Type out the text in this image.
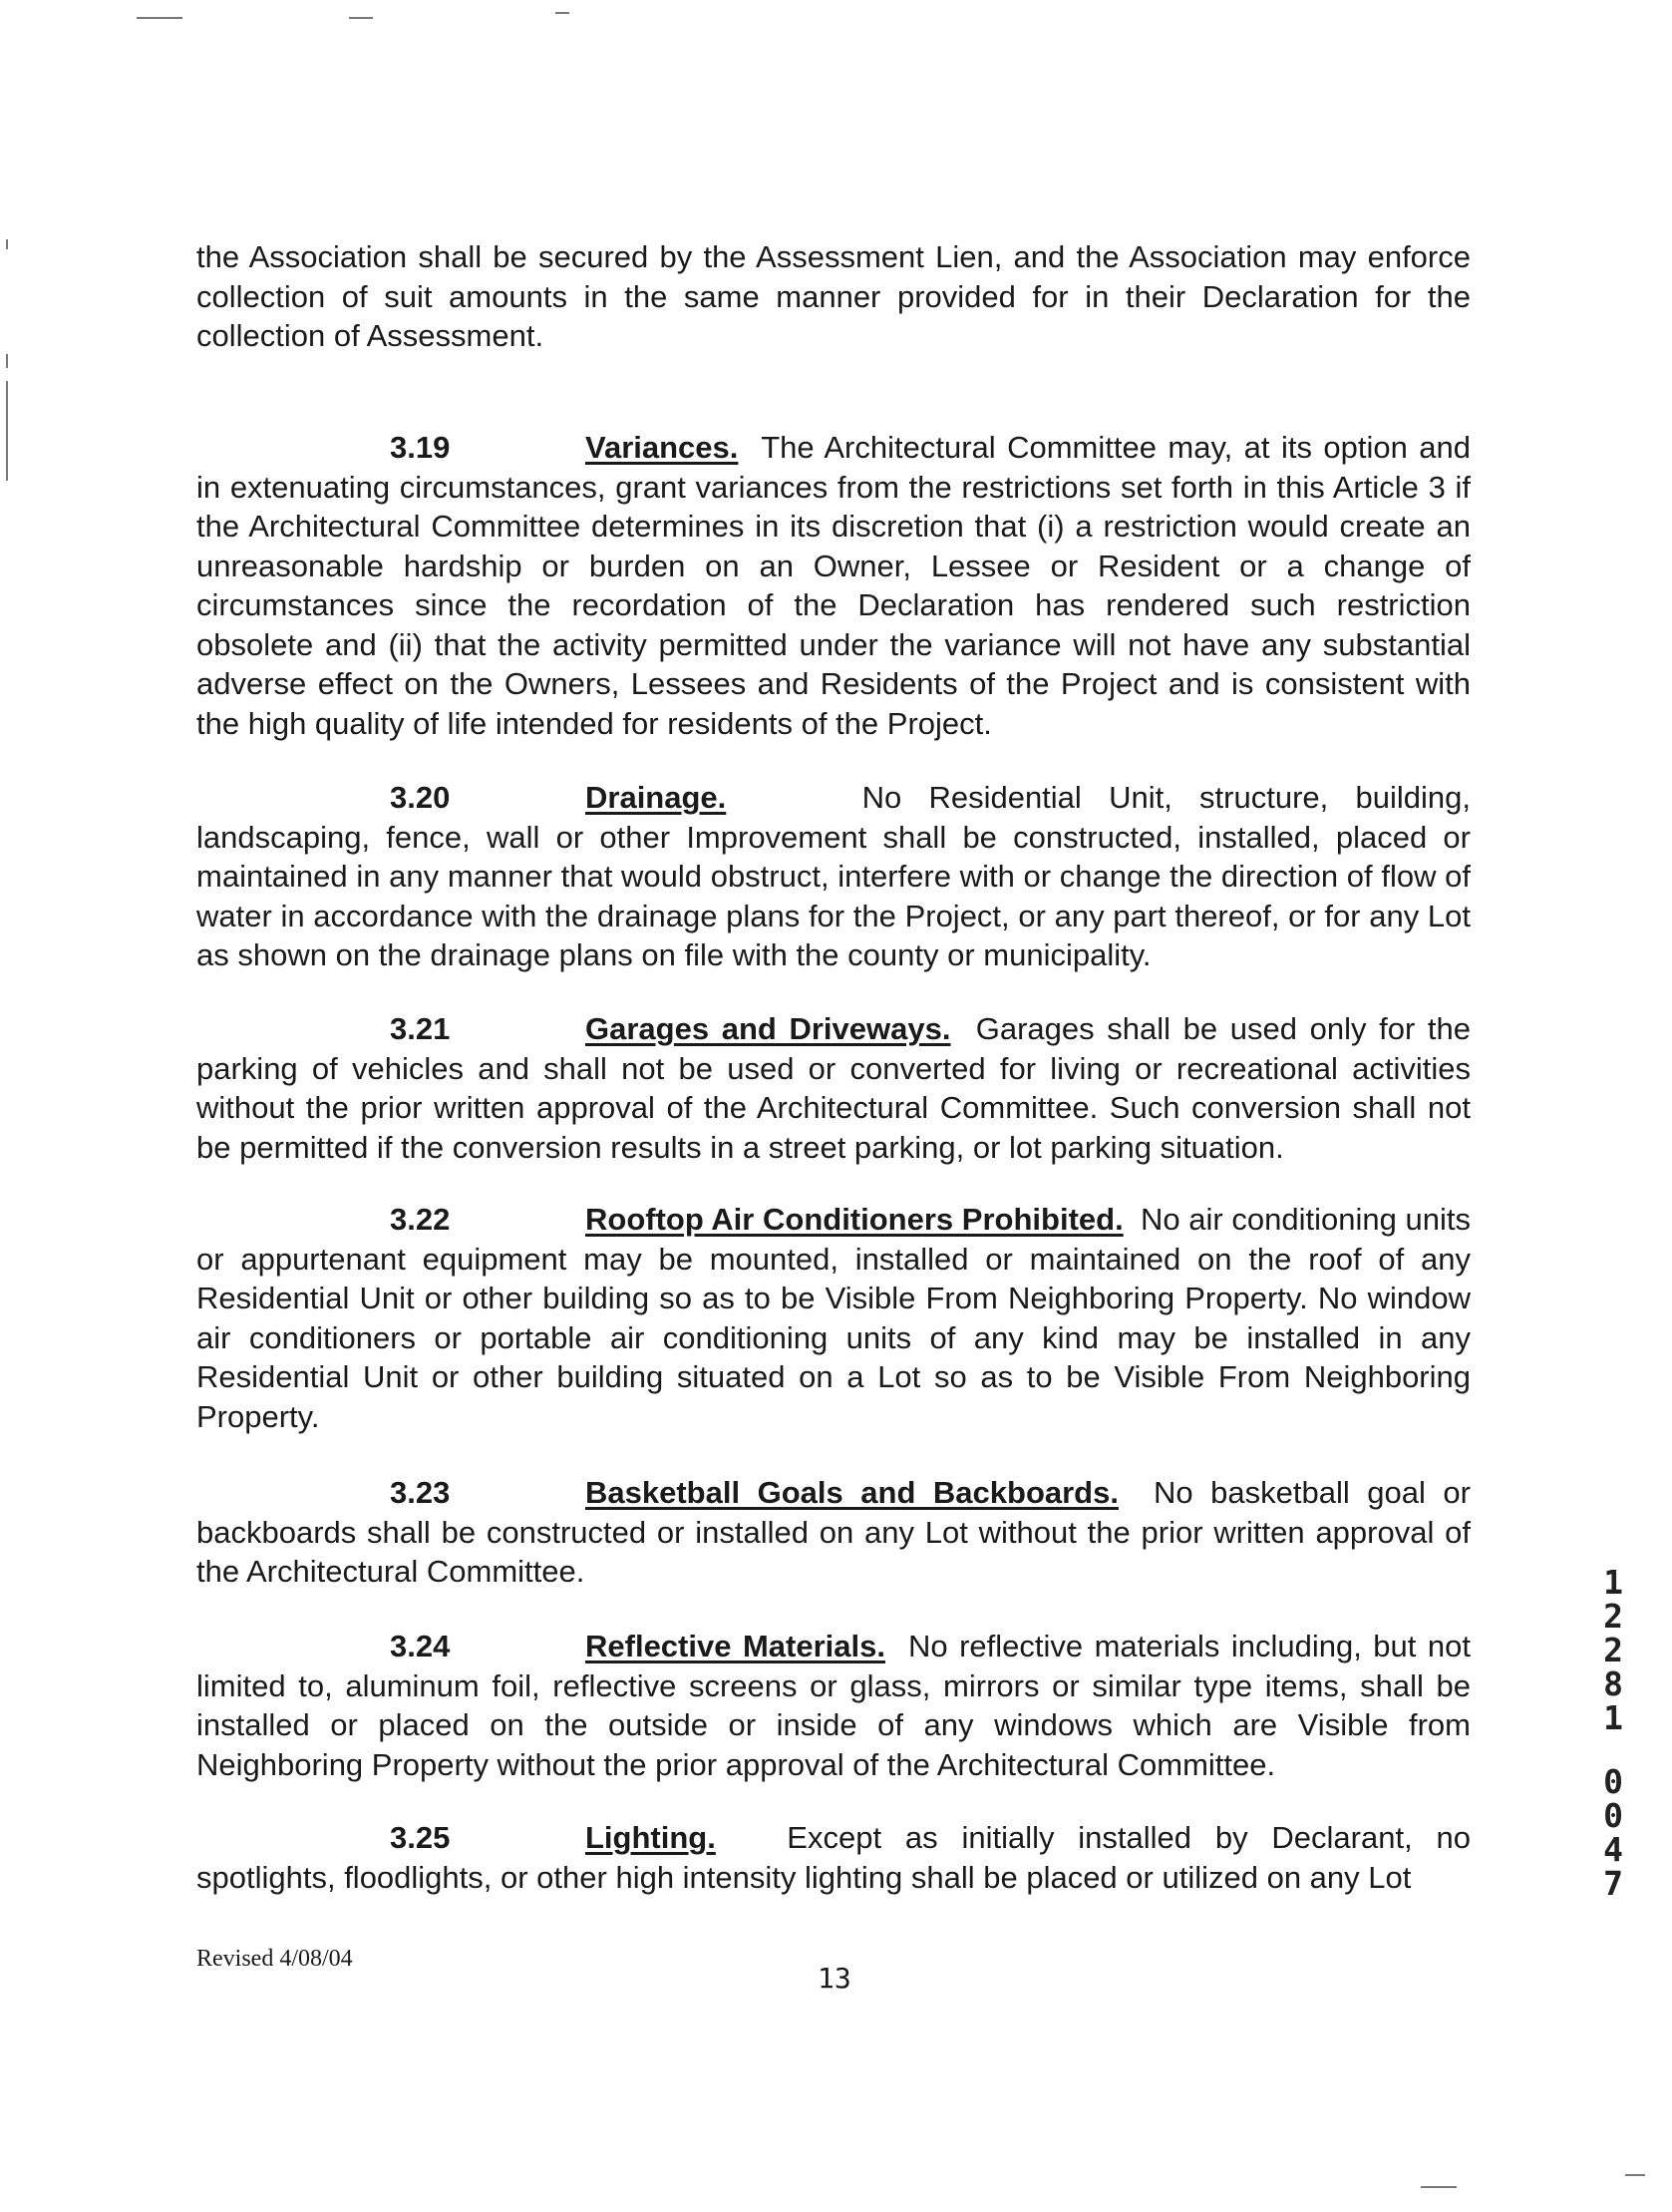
the Association shall be secured by the Assessment Lien, and the Association may enforce collection of suit amounts in the same manner provided for in their Declaration for the collection of Assessment.
3.19	Variances. The Architectural Committee may, at its option and in extenuating circumstances, grant variances from the restrictions set forth in this Article 3 if the Architectural Committee determines in its discretion that (i) a restriction would create an unreasonable hardship or burden on an Owner, Lessee or Resident or a change of circumstances since the recordation of the Declaration has rendered such restriction obsolete and (ii) that the activity permitted under the variance will not have any substantial adverse effect on the Owners, Lessees and Residents of the Project and is consistent with the high quality of life intended for residents of the Project.
3.20	Drainage.	No Residential Unit, structure, building, landscaping, fence, wall or other Improvement shall be constructed, installed, placed or maintained in any manner that would obstruct, interfere with or change the direction of flow of water in accordance with the drainage plans for the Project, or any part thereof, or for any Lot as shown on the drainage plans on file with the county or municipality.
3.21	Garages and Driveways. Garages shall be used only for the parking of vehicles and shall not be used or converted for living or recreational activities without the prior written approval of the Architectural Committee. Such conversion shall not be permitted if the conversion results in a street parking, or lot parking situation.
3.22	Rooftop Air Conditioners Prohibited. No air conditioning units or appurtenant equipment may be mounted, installed or maintained on the roof of any Residential Unit or other building so as to be Visible From Neighboring Property. No window air conditioners or portable air conditioning units of any kind may be installed in any Residential Unit or other building situated on a Lot so as to be Visible From Neighboring Property.
3.23	Basketball Goals and Backboards. No basketball goal or backboards shall be constructed or installed on any Lot without the prior written approval of the Architectural Committee.
3.24	Reflective Materials. No reflective materials including, but not limited to, aluminum foil, reflective screens or glass, mirrors or similar type items, shall be installed or placed on the outside or inside of any windows which are Visible from Neighboring Property without the prior approval of the Architectural Committee.
3.25	Lighting. Except as initially installed by Declarant, no spotlights, floodlights, or other high intensity lighting shall be placed or utilized on any Lot
Revised 4/08/04
13
1
2
2
8
1
0
0
4
7
